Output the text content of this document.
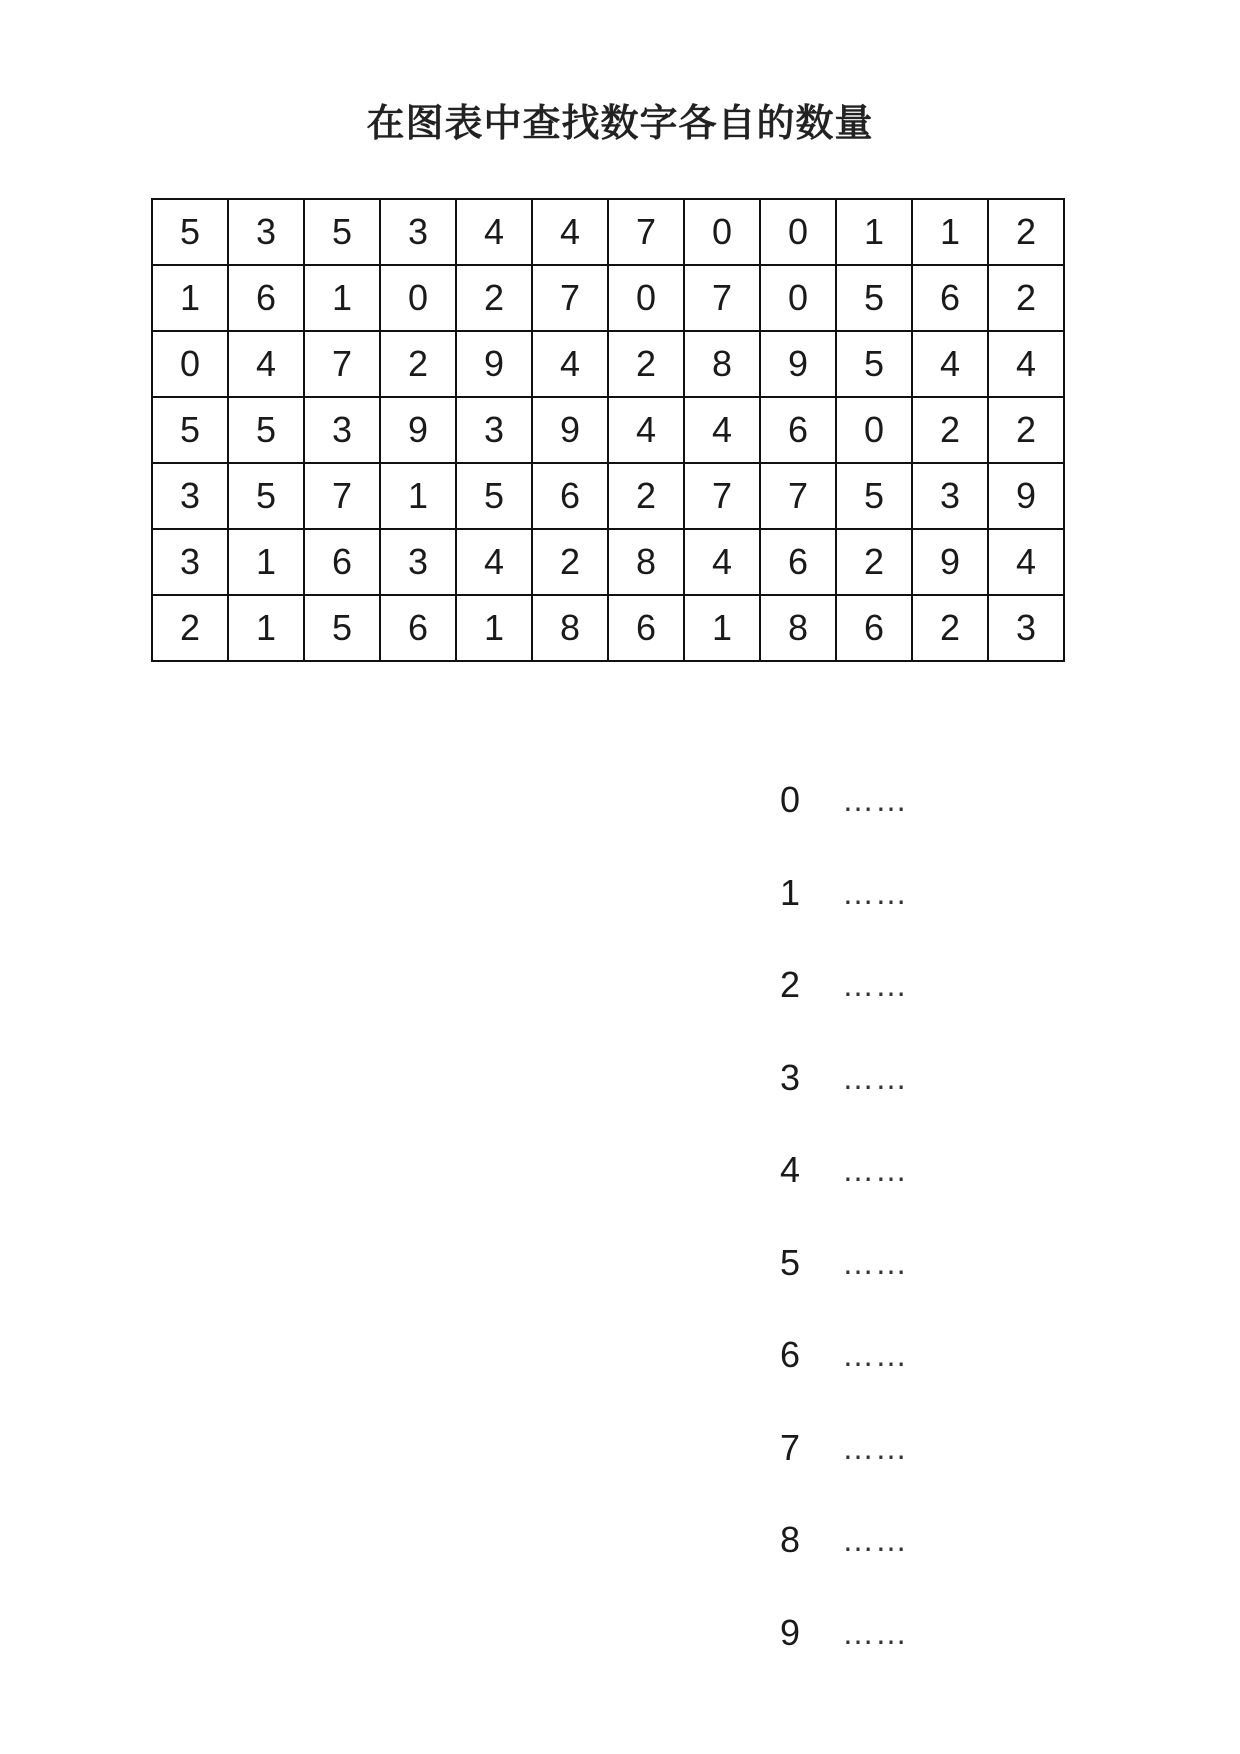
在图表中查找数字各自的数量
5	3	5	3	4	4	7	0	0	1	1	2
1	6	1	0	2	7	0	7	0	5	6	2
0	4	7	2	9	4	2	8	9	5	4	4
5	5	3	9	3	9	4	4	6	0	2	2
3	5	7	1	5	6	2	7	7	5	3	9
3	1	6	3	4	2	8	4	6	2	9	4
2	1	5	6	1	8	6	1	8	6	2	3
0	……
1	……
2	……
3	……
4	……
5	……
6	……
7	……
8	……
9	……
